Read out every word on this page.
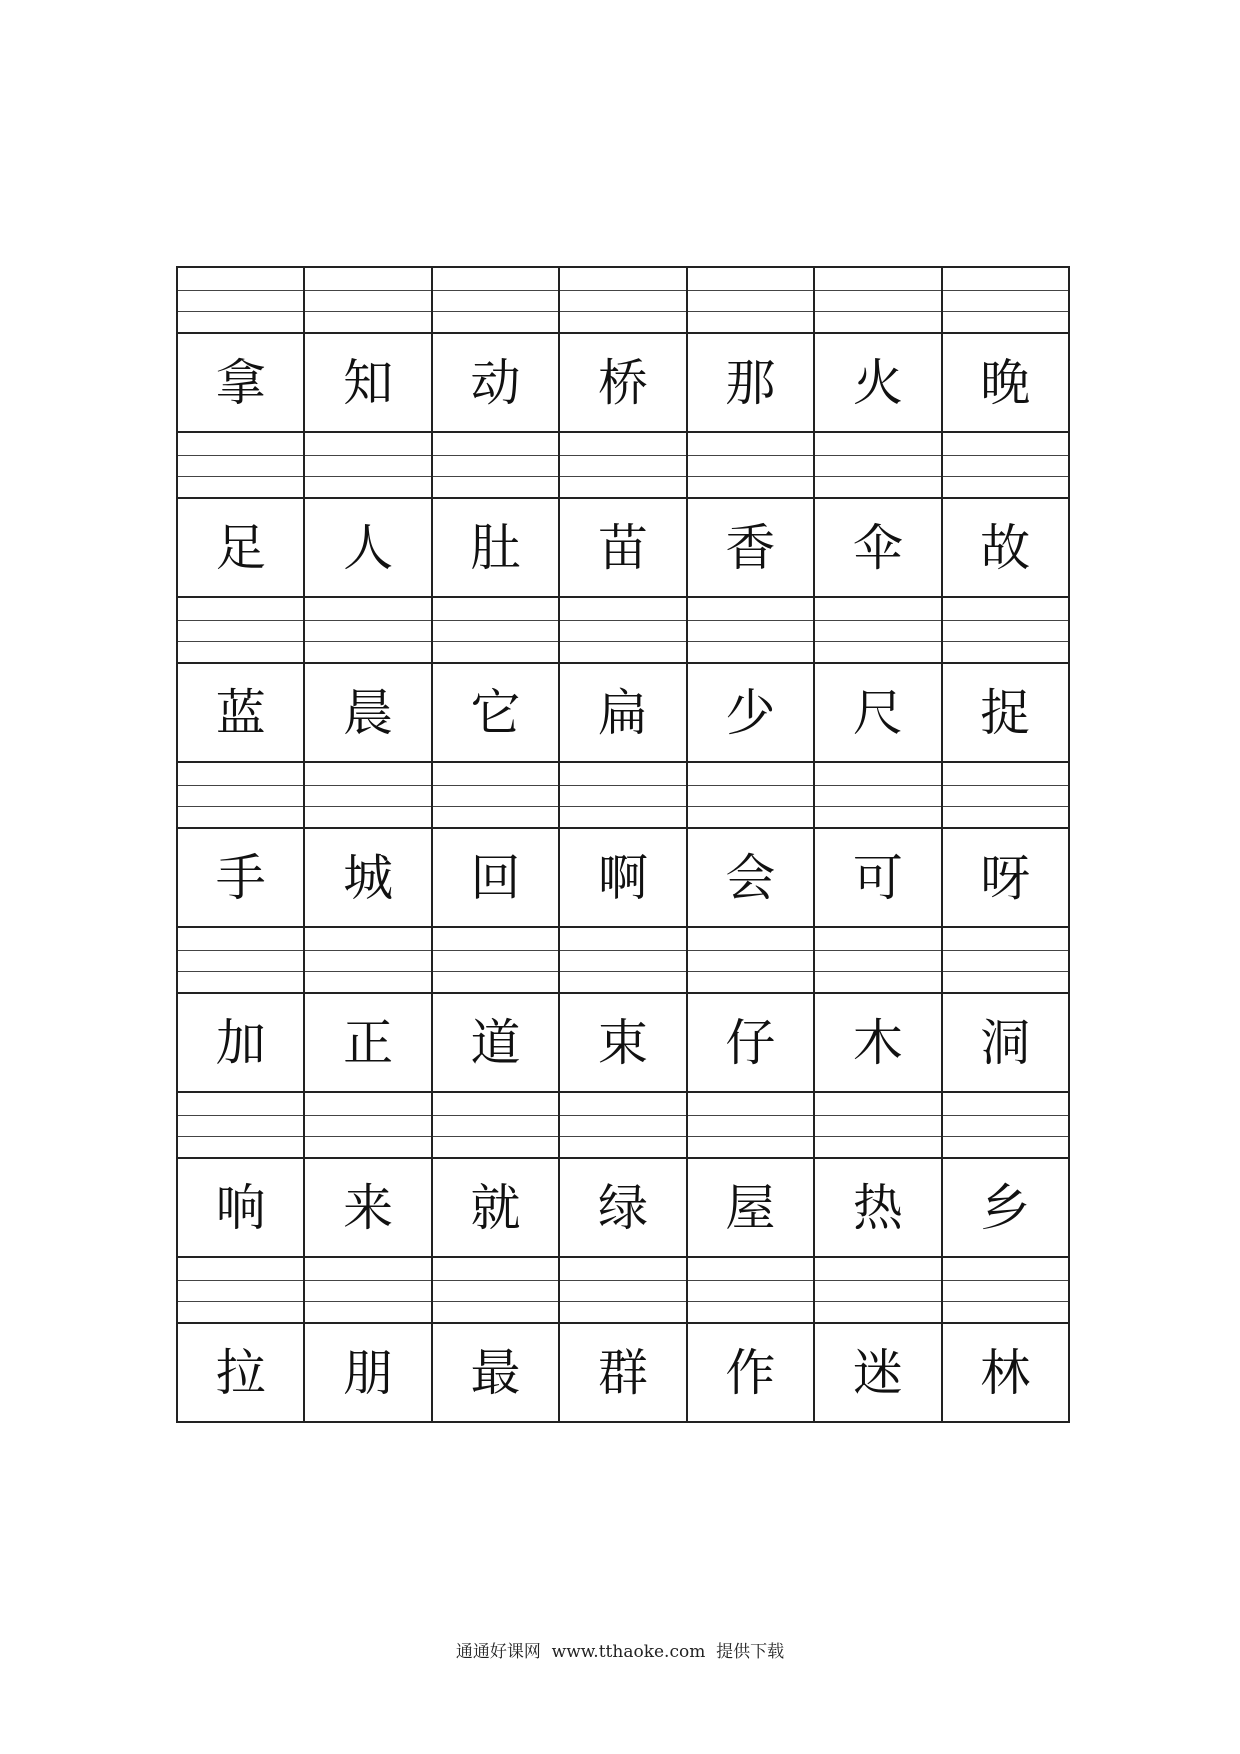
拿	知	动	桥	那	火	晚
足	人	肚	苗	香	伞	故
蓝	晨	它	扁	少	尺	捉
手	城	回	啊	会	可	呀
加	正	道	束	仔	木	洞
响	来	就	绿	屋	热	乡
拉	朋	最	群	作	迷	林
通通好课网  www.tthaoke.com  提供下载
